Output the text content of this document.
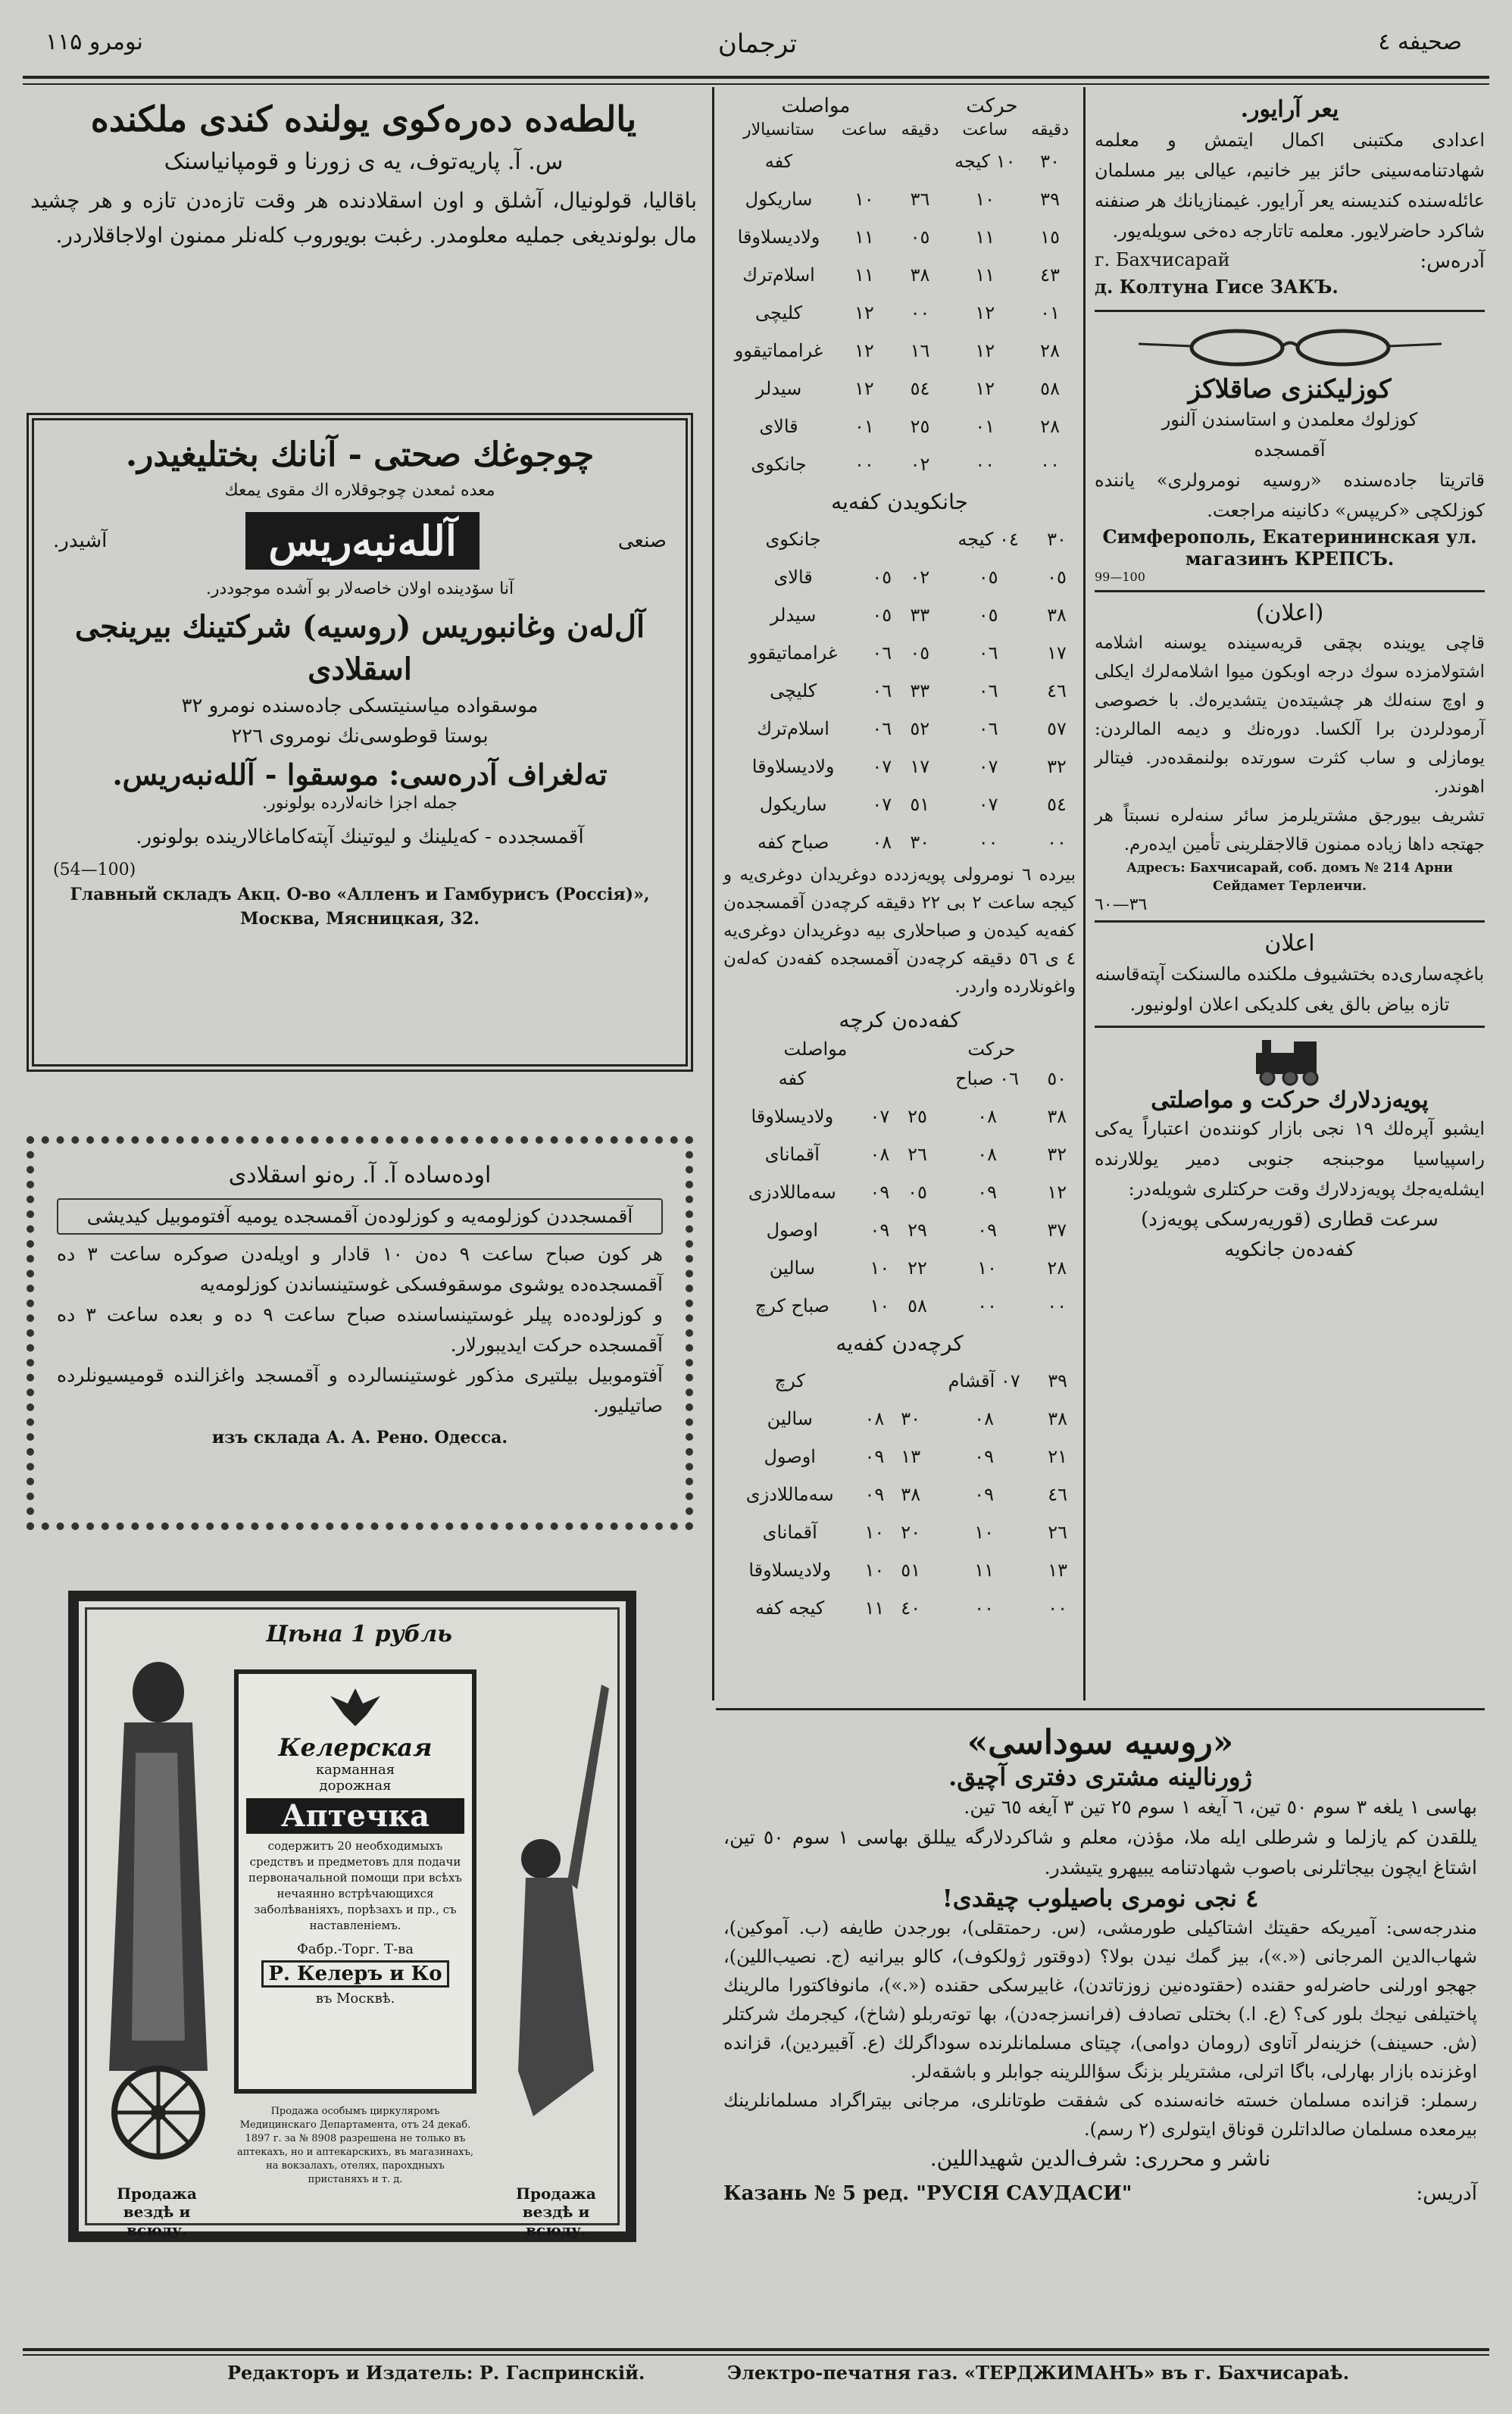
نومرو ۱۱۵	ترجمان	صحیفه ٤
یالطه‌ده دەره‌کوی یولنده کندی ملکنده
س. آ. پاریه‌توف، یه ی زورنا و قومپانیاسنک
باقالیا، قولونیال، آشلق و اون اسقلادنده هر وقت تازه‌دن تازه و هر چشید مال بولوندیغی جملیه معلومدر. رغبت بویوروب کله‌نلر ممنون اولاجاقلاردر.
چوجوغك صحتی - آنانك بختلیغیدر.
معده ئمعدن چوجوقلاره اك مقوی یمعك
صنعی
آلله‌نبه‌ریس
آشیدر.
آنا سۆدینده اولان خاصه‌لار بو آشده موجوددر.
آل‌له‌ن وغانبوریس (روسیه) شرکتینك بیرینجی اسقلادی
موسقواده میاسنیتسکی جاده‌سنده نومرو ٣٢
بوستا قوطوسی‌نك نومرو‌ی ٢٢٦
ته‌لغراف آدره‌سی: موسقوا - آلله‌نبه‌ریس.
جمله اجزا خانه‌لارده بولونور.
آقمسجدده - که‌یلینك و لیوتینك آپته‌کاماغالارینده بولونور.
(54—100)
Главный складъ Акц. О-во «Алленъ и Гамбурисъ (Россія)», Москва, Мясницкая, 32.
اوده‌ساده آ. آ. رەنو اسقلادی
آقمسجددن کوزلومه‌یه و کوزلوده‌ن آقمسجده یومیه آفتوموبیل کیدیشی
هر کون صباح ساعت ٩ دەن ١٠ قادار و اویله‌دن صوکره ساعت ٣ ده آقمسجده‌ده یوشوی موسقوفسکی غوستینساندن کوزلومه‌یه
و کوزلوده‌ده پیلر غوستینساسنده صباح ساعت ٩ ده و بعده ساعت ٣ ده آقمسجده حرکت ایدیبورلار.
آفتوموبیل بیلتیری مذکور غوستینسالرده و آقمسجد واغزالنده قومیسیونلرده صاتیلیور.
изъ склада А. А. Рено. Одесса.
Цѣна 1 рубль
Келерская
карманная
дорожная
Аптечка
содержитъ 20 необходимыхъ средствъ и предметовъ для подачи первоначальной помощи при всѣхъ нечаянно встрѣчающихся заболѣванiяхъ, порѣзахъ и пр., съ наставленiемъ.
Фабр.-Торг. Т-ва
Р. Келеръ и Ко
въ Москвѣ.
Продажа особымъ циркуляромъ Медицинскаго Департамента, отъ 24 декаб. 1897 г. за № 8908 разрешена не только въ аптекахъ, но и аптекарскихъ, въ магазинахъ, на вокзалахъ, отелях, парохдныхъ пристаняхъ и т. д.
Продажа вездѣ и всюду.
Продажа вездѣ и всюду.
حرکت
مواصلت
دقیقه	ساعت	دقیقه	ساعت	ستانسیالار
٣٠	١٠ کیجه			کفه
٣٩	١٠	٣٦	١٠	ساریکول
١٥	١١	٠٥	١١	ولادیسلاوقا
٤٣	١١	٣٨	١١	اسلام‌ترك
٠١	١٢	٠٠	١٢	کلیچی
٢٨	١٢	١٦	١٢	غرامماتیقوو
٥٨	١٢	٥٤	١٢	سیدلر
٢٨	٠١	٢٥	٠١	قالای
٠٠	٠٠	٠٢	٠٠	جانکوی
جانکویدن کفه‌یه
٣٠	٠٤ کیجه			جانکوی
٠٥	٠٥	٠٢	٠٥	قالای
٣٨	٠٥	٣٣	٠٥	سیدلر
١٧	٠٦	٠٥	٠٦	غرامماتیقوو
٤٦	٠٦	٣٣	٠٦	کلیچی
٥٧	٠٦	٥٢	٠٦	اسلام‌ترك
٣٢	٠٧	١٧	٠٧	ولادیسلاوقا
٥٤	٠٧	٥١	٠٧	ساریکول
٠٠	٠٠	٣٠	٠٨	صباح کفه
بیرده ٦ نومرولی پویه‌زدده دوغریدان دوغری‌یه و کیجه ساعت ٢ بی ٢٢ دقیقه کرچه‌دن آقمسجده‌ن کفه‌یه کیده‌ن و صباحلاری بیه دوغریدان دوغری‌یه ٤ ی ٥٦ دقیقه کرچه‌دن آقمسجده کفه‌دن که‌له‌ن واغونلارده واردر.
کفه‌ده‌ن کرچه
حرکت
مواصلت
٥٠	٠٦ صباح			کفه
٣٨	٠٨	٢٥	٠٧	ولادیسلاوقا
٣٢	٠٨	٢٦	٠٨	آقمانای
١٢	٠٩	٠٥	٠٩	سه‌ماللادزی
٣٧	٠٩	٢٩	٠٩	اوصول
٢٨	١٠	٢٢	١٠	سالین
٠٠	٠٠	٥٨	١٠	صباح کرچ
کرچه‌دن کفه‌یه
٣٩	٠٧ آقشام			کرچ
٣٨	٠٨	٣٠	٠٨	سالین
٢١	٠٩	١٣	٠٩	اوصول
٤٦	٠٩	٣٨	٠٩	سه‌ماللادزی
٢٦	١٠	٢٠	١٠	آقمانای
١٣	١١	٥١	١٠	ولادیسلاوقا
٠٠	٠٠	٤٠	١١	کیجه کفه
یعر آرایور.
اعدادی مکتبنی اکمال ایتمش و معلمه شهادتنامه‌سینی حائز بیر خانیم، عیالی بیر مسلمان عائله‌سنده کندیسنه یعر آرایور. غیمنازیانك هر صنفنه شاکرد حاضرلایور. معلمه تاتارجه ده‌خی سویله‌یور.
آدره‌س:
г. Бахчисарай
д. Колтуна Гисе ЗАКЪ.
کوزلیکنزی صاقلاکز
کوزلوك معلمدن و استاسندن آلنور
آقمسجده
قاتریتا جاده‌سنده «روسیه نومرولری» یاننده کوزلکچی «کریپس» دکانینه مراجعت.
Симферополь, Екатерининская ул.
магазинъ КРЕПСЪ.
99—100
(اعلان)
قاچی یوینده بچقی قریه‌سینده یوسنه اشلامه اشتولامزده سوك درجه اوبکون میوا اشلامه‌لرك ایکلی و اوچ سنه‌لك هر چشیتده‌ن یتشدیرەك. با خصوصی آرمودلردن برا آلکسا. دوره‌نك و دیمه المالردن: یومازلی و ساب کثرت سورتده بولنمقده‌در. فیتالر اهوندر.
تشریف بیورجق مشتریلرمز سائر سنه‌لره نسبتاً هر جهتجه داها زیاده ممنون قالاجقلرینی تأمین ایدەرم.
Адресъ: Бахчисарай, соб. домъ № 214 Арни Сейдамет Терлеичи.
٣٦—٦٠
اعلان
باغچه‌ساری‌ده بختشیوف ملکنده مالسنکت آپته‌قاسنه تازه بیاض بالق یغی کلدیکی اعلان اولونیور.
پویه‌زدلارك حرکت و مواصلتی
ایشبو آپرەلك ١٩ نجی بازار کونندەن اعتباراً یه‌کی راسپیاسیا موجبنجه جنوبی دمیر یوللارنده ایشله‌یه‌جك پویه‌زدلارك وقت حرکتلری شویله‌در:
سرعت قطاری (قوریه‌رسکی پویه‌زد)
کفه‌ده‌ن جانکویه
«روسیه سوداسی»
ژورنالینه مشتری دفتری آچیق.
بهاسی ١ یلغه ٣ سوم ٥٠ تین، ٦ آیغه ١ سوم ٢٥ تین ٣ آیغه ٦٥ تین.
یللقدن کم یازلما و شرطلی ایله ملا، مؤذن، معلم و شاکردلارگه ییللق بهاسی ١ سوم ٥٠ تین، اشتاغ ایچون بیجاتلرنی باصوب شهادتنامه یبیهرو یتیشدر.
٤ نجی نومری باصیلوب چیقدی!
مندرجه‌سی: آمیریکه حقیتك اشتاکیلی طورمشی، (س. رحمتقلی)، بورجدن طایفه (ب. آموکین)، شهاب‌الدین المرجانی («.»)، بیز گمك نیدن بولا؟ (دوقتور ژولکوف)، کالو بیرانیه (ج. نصیب‌اللین)، جهجو اورلنی حاضرلەو حقنده (حقتوده‌نین زوزتاتدن)، غابیرسکی حقنده («.»)، مانوفاکتورا مالرینك پاختیلفی نیجك بلور کی؟ (ع. ا.) بختلی تصادف (فرانسزجه‌دن)، بها توتەربلو (شاخ)، کیجرمك شرکتلر (ش. حسینف) خزینەلر آتاوی (رومان دوامی)، چیتای مسلمانلرندە سوداگرلك (ع. آقبیردین)، قزانده اوغزنده بازار بهارلی، باگا اترلی، مشتریلر بزنگ سؤاللرینه جوابلر و باشقەلر.
رسملر: قزانده مسلمان خسته خانەسنده کی شفقت طوتانلری، مرجانی بیتراگراد مسلمانلرینك بیرمعده مسلمان صالداتلرن قوناق ایتولری (٢ رسم).
ناشر و محرری: شرف‌الدین شهیداللین.
آدریس:
Казань № 5 ред. "РУСІЯ САУДАСИ"
Редакторъ и Издатель: Р. Гаспринскій.	Электро-печатня газ. «ТЕРДЖИМАНЪ» въ г. Бахчисараѣ.
